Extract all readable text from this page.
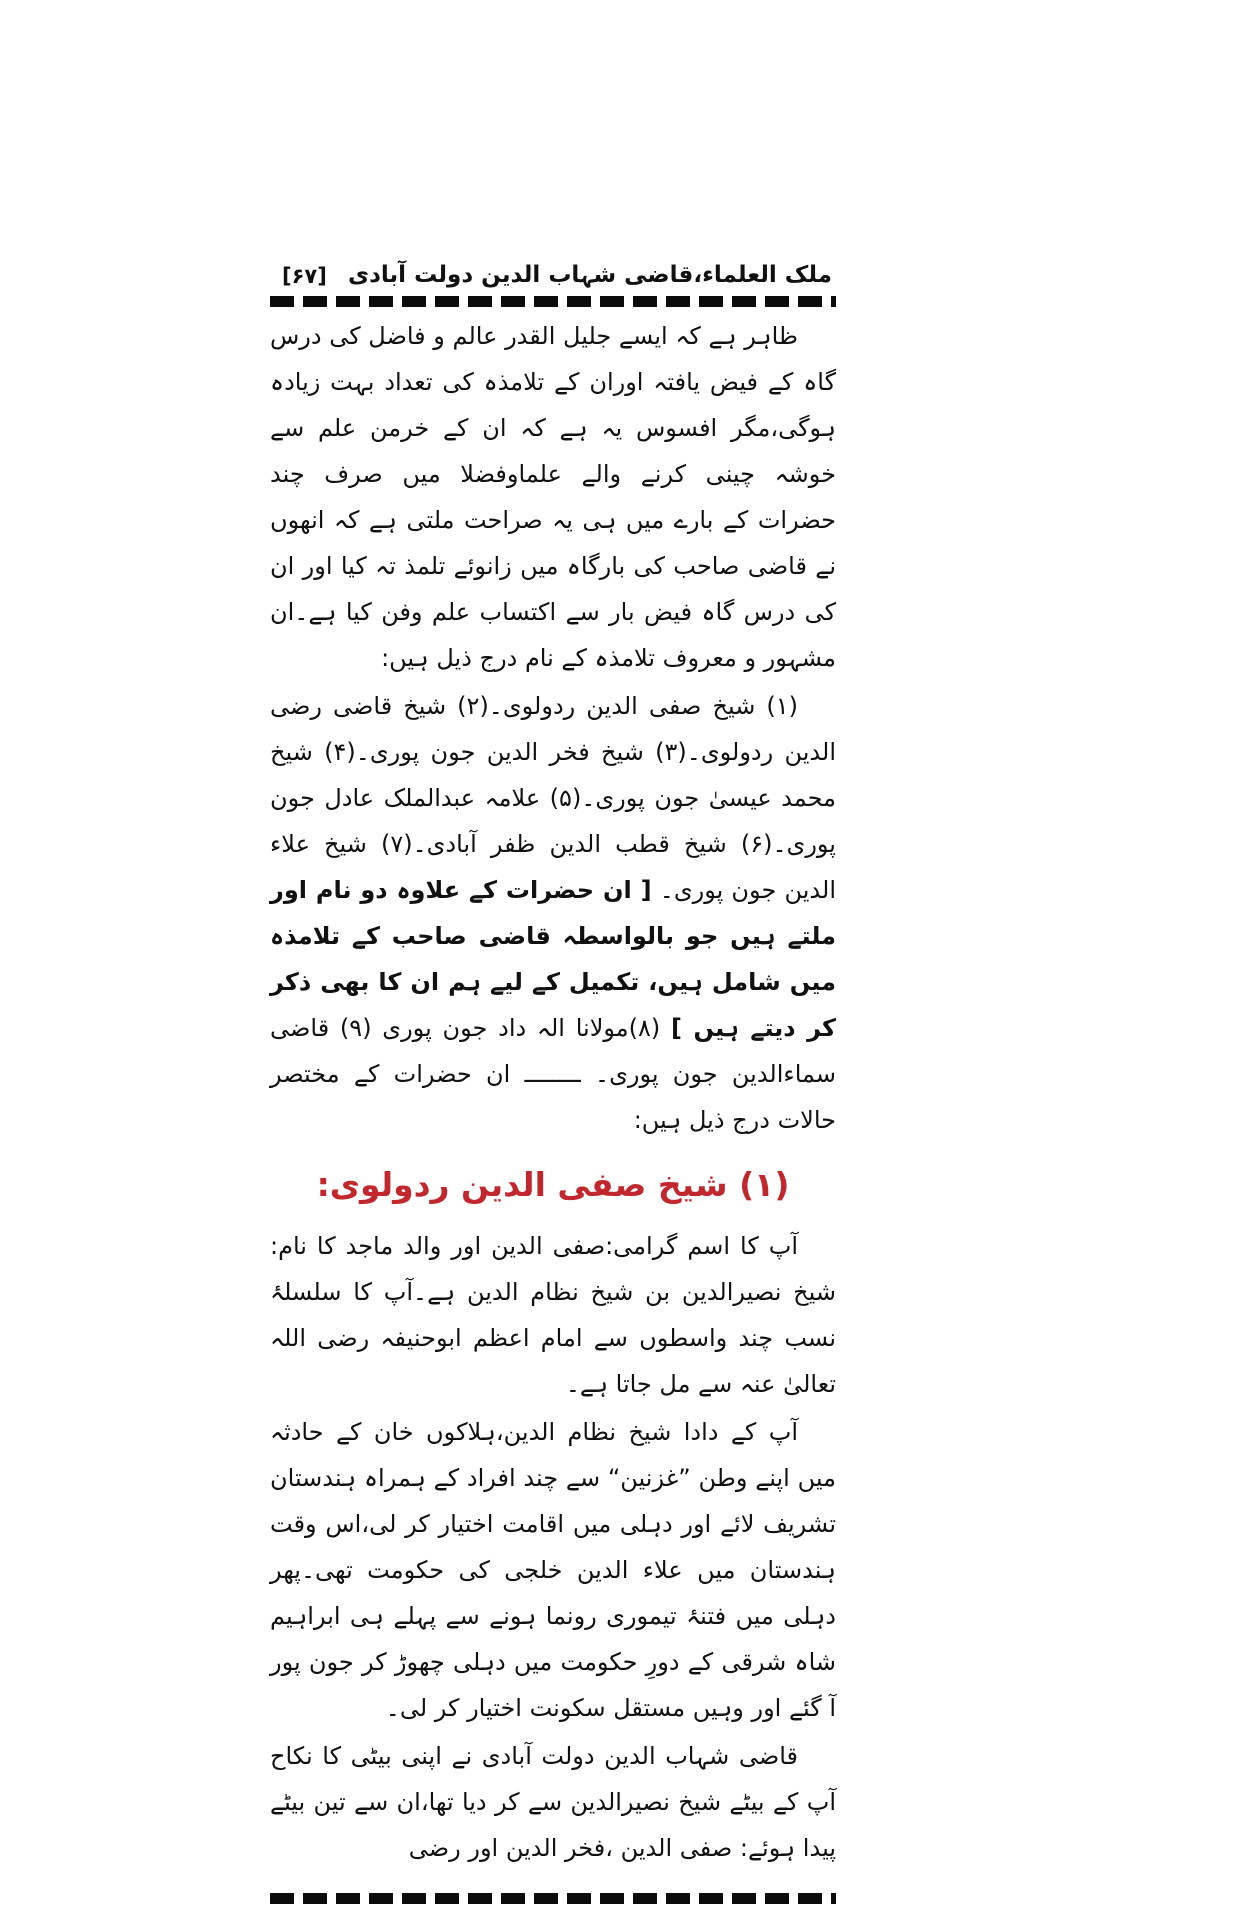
ملک العلماء،قاضی شہاب الدین دولت آبادی
[۶۷]

ظاہر ہے کہ ایسے جلیل القدر عالم و فاضل کی درس گاہ کے فیض یافتہ اوران کے تلامذہ کی تعداد بہت زیادہ ہوگی،مگر افسوس یہ ہے کہ ان کے خرمن علم سے خوشہ چینی کرنے والے علماوفضلا میں صرف چند حضرات کے بارے میں ہی یہ صراحت ملتی ہے کہ انھوں نے قاضی صاحب کی بارگاہ میں زانوئے تلمذ تہ کیا اور ان کی درس گاہ فیض بار سے اکتساب علم وفن کیا ہے۔ان مشہور و معروف تلامذہ کے نام درج ذیل ہیں:

(۱) شیخ صفی الدین ردولوی۔(۲) شیخ قاضی رضی الدین ردولوی۔(۳) شیخ فخر الدین جون پوری۔(۴) شیخ محمد عیسیٰ جون پوری۔(۵) علامہ عبدالملک عادل جون پوری۔(۶) شیخ قطب الدین ظفر آبادی۔(۷) شیخ علاء الدین جون پوری۔ [ ان حضرات کے علاوہ دو نام اور ملتے ہیں جو بالواسطہ قاضی صاحب کے تلامذہ میں شامل ہیں، تکمیل کے لیے ہم ان کا بھی ذکر کر دیتے ہیں ] (۸)مولانا الہ داد جون پوری (۹) قاضی سماءالدین جون پوری۔ ــــــــ ان حضرات کے مختصر حالات درج ذیل ہیں:

(۱) شیخ صفی الدین ردولوی:

آپ کا اسم گرامی:صفی الدین اور والد ماجد کا نام: شیخ نصیرالدین بن شیخ نظام الدین ہے۔آپ کا سلسلۂ نسب چند واسطوں سے امام اعظم ابوحنیفہ رضی اللہ تعالیٰ عنہ سے مل جاتا ہے۔

آپ کے دادا شیخ نظام الدین،ہلاکوں خان کے حادثہ میں اپنے وطن ”غزنین“ سے چند افراد کے ہمراہ ہندستان تشریف لائے اور دہلی میں اقامت اختیار کر لی،اس وقت ہندستان میں علاء الدین خلجی کی حکومت تھی۔پھر دہلی میں فتنۂ تیموری رونما ہونے سے پہلے ہی ابراہیم شاہ شرقی کے دورِ حکومت میں دہلی چھوڑ کر جون پور آ گئے اور وہیں مستقل سکونت اختیار کر لی۔

قاضی شہاب الدین دولت آبادی نے اپنی بیٹی کا نکاح آپ کے بیٹے شیخ نصیرالدین سے کر دیا تھا،ان سے تین بیٹے پیدا ہوئے: صفی الدین ،فخر الدین اور رضی
